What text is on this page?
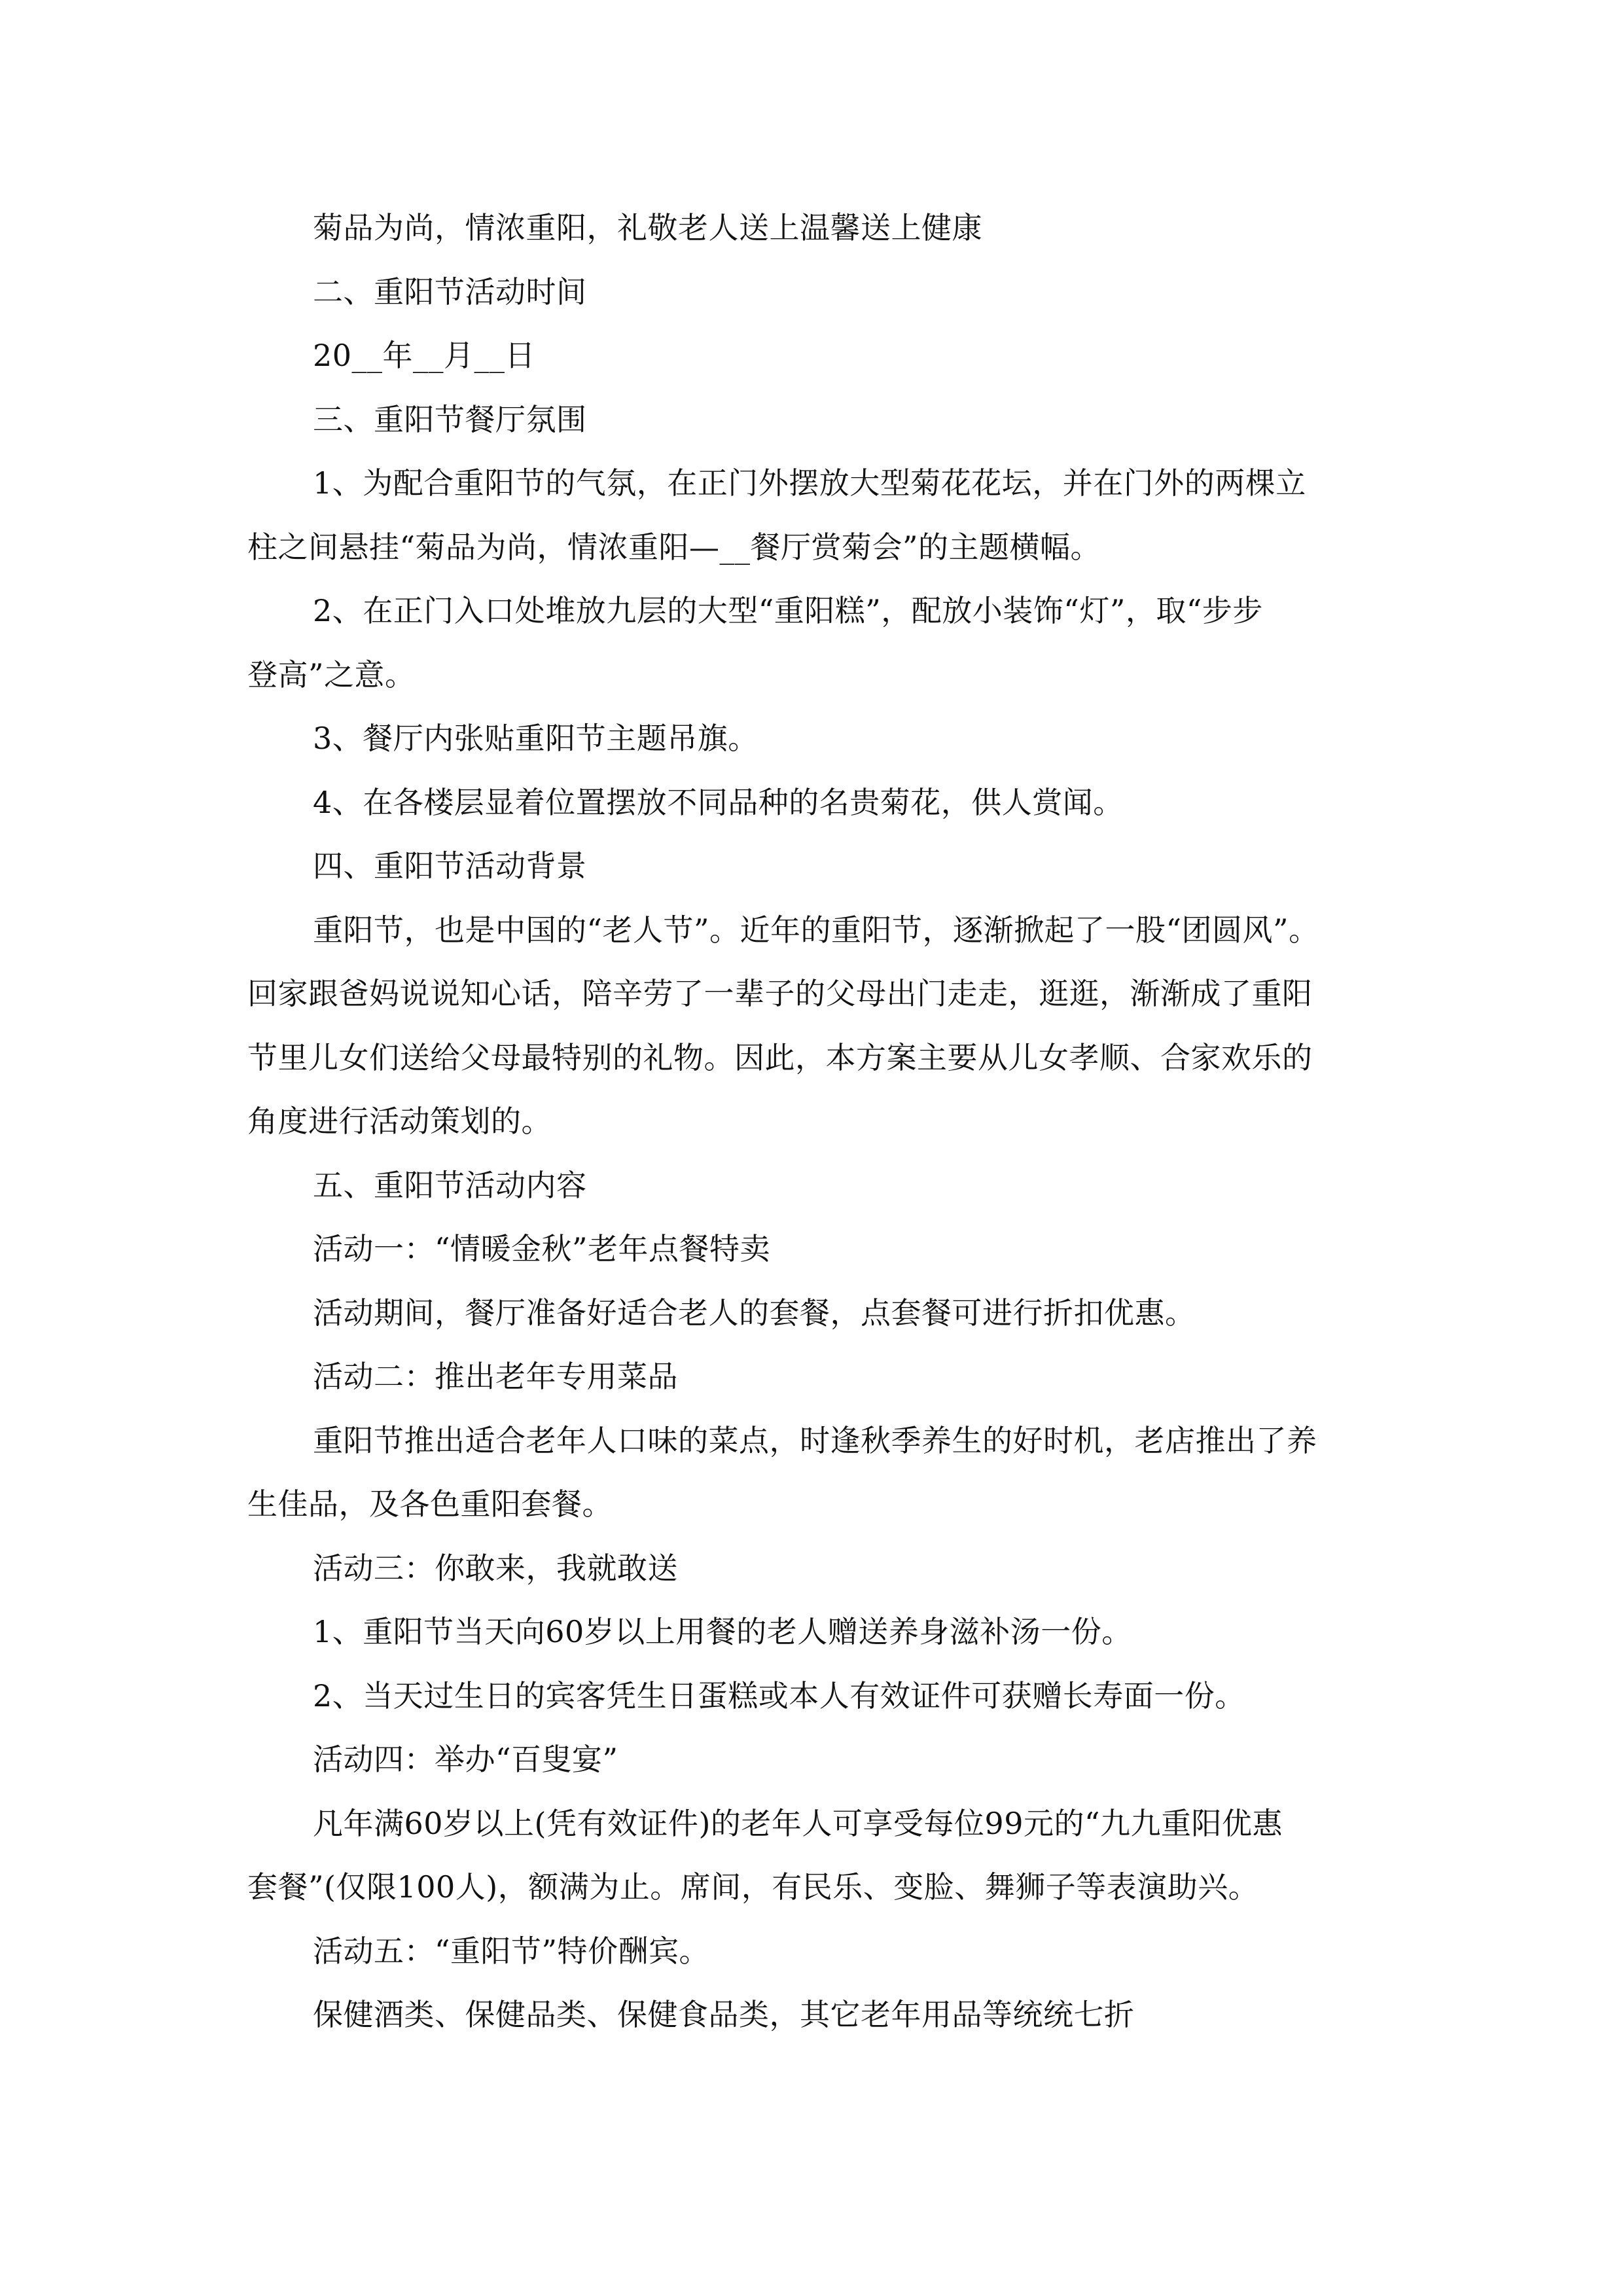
菊品为尚，情浓重阳，礼敬老人送上温馨送上健康
二、重阳节活动时间
20__年__月__日
三、重阳节餐厅氛围
1、为配合重阳节的气氛，在正门外摆放大型菊花花坛，并在门外的两棵立
柱之间悬挂“菊品为尚，情浓重阳—__餐厅赏菊会”的主题横幅。
2、在正门入口处堆放九层的大型“重阳糕”，配放小装饰“灯”，取“步步
登高”之意。
3、餐厅内张贴重阳节主题吊旗。
4、在各楼层显着位置摆放不同品种的名贵菊花，供人赏闻。
四、重阳节活动背景
重阳节，也是中国的“老人节”。近年的重阳节，逐渐掀起了一股“团圆风”。
回家跟爸妈说说知心话，陪辛劳了一辈子的父母出门走走，逛逛，渐渐成了重阳
节里儿女们送给父母最特别的礼物。因此，本方案主要从儿女孝顺、合家欢乐的
角度进行活动策划的。
五、重阳节活动内容
活动一：“情暖金秋”老年点餐特卖
活动期间，餐厅准备好适合老人的套餐，点套餐可进行折扣优惠。
活动二：推出老年专用菜品
重阳节推出适合老年人口味的菜点，时逢秋季养生的好时机，老店推出了养
生佳品，及各色重阳套餐。
活动三：你敢来，我就敢送
1、重阳节当天向60岁以上用餐的老人赠送养身滋补汤一份。
2、当天过生日的宾客凭生日蛋糕或本人有效证件可获赠长寿面一份。
活动四：举办“百叟宴”
凡年满60岁以上(凭有效证件)的老年人可享受每位99元的“九九重阳优惠
套餐”(仅限100人)，额满为止。席间，有民乐、变脸、舞狮子等表演助兴。
活动五：“重阳节”特价酬宾。
保健酒类、保健品类、保健食品类，其它老年用品等统统七折
